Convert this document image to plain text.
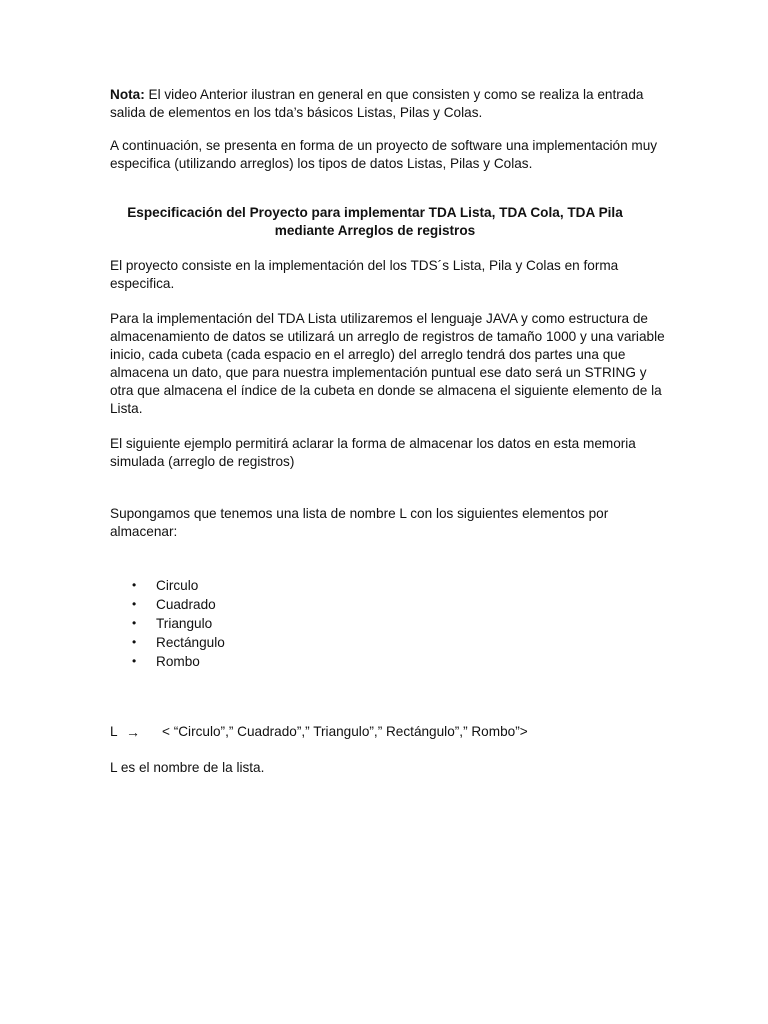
Nota: El video Anterior ilustran en general en que consisten y como se realiza la entrada salida de elementos en los tda’s básicos Listas, Pilas y Colas.

A continuación, se presenta en forma de un proyecto de software una implementación muy especifica (utilizando arreglos) los tipos de datos Listas, Pilas y Colas.

Especificación del Proyecto para implementar TDA Lista, TDA Cola, TDA Pila
mediante Arreglos de registros

El proyecto consiste en la implementación del los TDS´s Lista, Pila y Colas en forma especifica.

Para la implementación del TDA Lista utilizaremos el lenguaje JAVA y como estructura de almacenamiento de datos se utilizará un arreglo de registros de tamaño 1000 y una variable inicio, cada cubeta (cada espacio en el arreglo) del arreglo tendrá dos partes una que almacena un dato, que para nuestra implementación puntual ese dato será un STRING y otra que almacena el índice de la cubeta en donde se almacena el siguiente elemento de la Lista.

El siguiente ejemplo permitirá aclarar la forma de almacenar los datos en esta memoria simulada (arreglo de registros)

Supongamos que tenemos una lista de nombre L con los siguientes elementos por almacenar:

• Circulo
• Cuadrado
• Triangulo
• Rectángulo
• Rombo
L →	< “Circulo”,” Cuadrado”,” Triangulo”,” Rectángulo”,” Rombo”>

L es el nombre de la lista.
